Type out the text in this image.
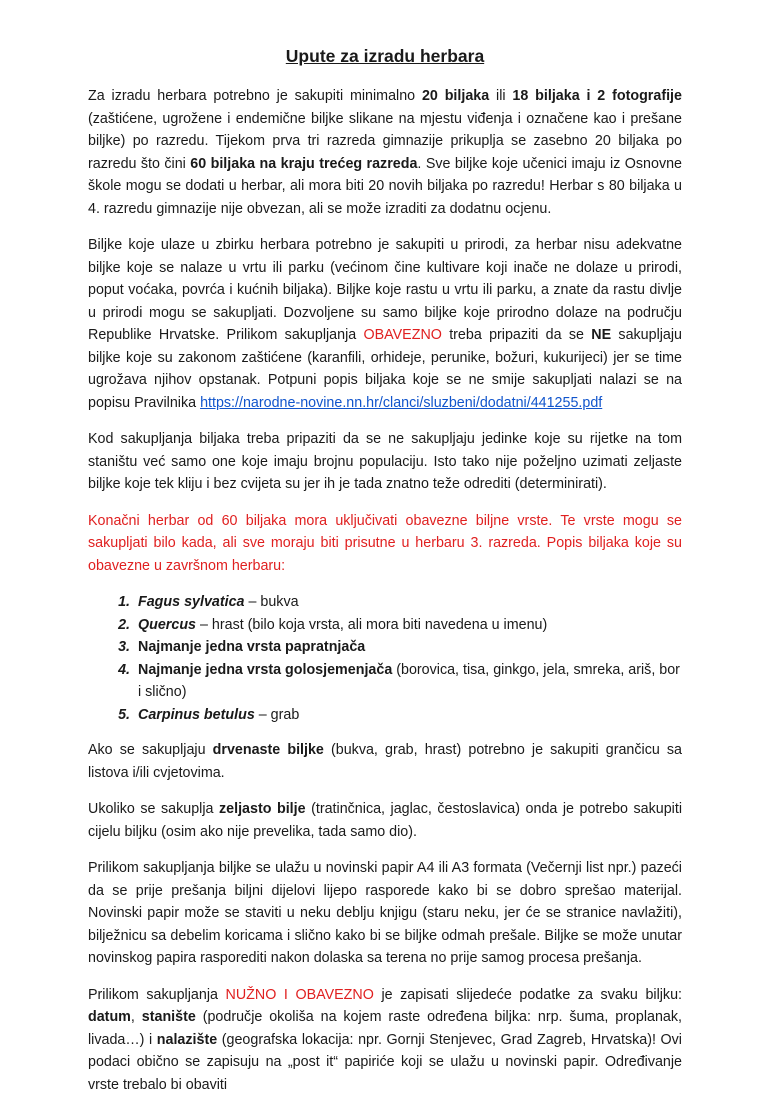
Upute za izradu herbara

Za izradu herbara potrebno je sakupiti minimalno 20 biljaka ili 18 biljaka i 2 fotografije (zaštićene, ugrožene i endemične biljke slikane na mjestu viđenja i označene kao i prešane biljke) po razredu. Tijekom prva tri razreda gimnazije prikuplja se zasebno 20 biljaka po razredu što čini 60 biljaka na kraju trećeg razreda. Sve biljke koje učenici imaju iz Osnovne škole mogu se dodati u herbar, ali mora biti 20 novih biljaka po razredu! Herbar s 80 biljaka u 4. razredu gimnazije nije obvezan, ali se može izraditi za dodatnu ocjenu.

Biljke koje ulaze u zbirku herbara potrebno je sakupiti u prirodi, za herbar nisu adekvatne biljke koje se nalaze u vrtu ili parku (većinom čine kultivare koji inače ne dolaze u prirodi, poput voćaka, povrća i kućnih biljaka). Biljke koje rastu u vrtu ili parku, a znate da rastu divlje u prirodi mogu se sakupljati. Dozvoljene su samo biljke koje prirodno dolaze na području Republike Hrvatske. Prilikom sakupljanja OBAVEZNO treba pripaziti da se NE sakupljaju biljke koje su zakonom zaštićene (karanfili, orhideje, perunike, božuri, kukurijeci) jer se time ugrožava njihov opstanak. Potpuni popis biljaka koje se ne smije sakupljati nalazi se na popisu Pravilnika https://narodne-novine.nn.hr/clanci/sluzbeni/dodatni/441255.pdf

Kod sakupljanja biljaka treba pripaziti da se ne sakupljaju jedinke koje su rijetke na tom staništu već samo one koje imaju brojnu populaciju. Isto tako nije poželjno uzimati zeljaste biljke koje tek kliju i bez cvijeta su jer ih je tada znatno teže odrediti (determinirati).

Konačni herbar od 60 biljaka mora uključivati obavezne biljne vrste. Te vrste mogu se sakupljati bilo kada, ali sve moraju biti prisutne u herbaru 3. razreda. Popis biljaka koje su obavezne u završnom herbaru:

1. Fagus sylvatica – bukva
2. Quercus – hrast (bilo koja vrsta, ali mora biti navedena u imenu)
3. Najmanje jedna vrsta papratnjača
4. Najmanje jedna vrsta golosjemenjača (borovica, tisa, ginkgo, jela, smreka, ariš, bor i slično)
5. Carpinus betulus – grab

Ako se sakupljaju drvenaste biljke (bukva, grab, hrast) potrebno je sakupiti grančicu sa listova i/ili cvjetovima.

Ukoliko se sakuplja zeljasto bilje (tratinčnica, jaglac, čestoslavica) onda je potrebo sakupiti cijelu biljku (osim ako nije prevelika, tada samo dio).

Prilikom sakupljanja biljke se ulažu u novinski papir A4 ili A3 formata (Večernji list npr.) pazeći da se prije prešanja biljni dijelovi lijepo rasporede kako bi se dobro sprešao materijal. Novinski papir može se staviti u neku deblju knjigu (staru neku, jer će se stranice navlažiti), bilježnicu sa debelim koricama i slično kako bi se biljke odmah prešale. Biljke se može unutar novinskog papira rasporediti nakon dolaska sa terena no prije samog procesa prešanja.

Prilikom sakupljanja NUŽNO I OBAVEZNO je zapisati slijedeće podatke za svaku biljku: datum, stanište (područje okoliša na kojem raste određena biljka: nrp. šuma, proplanak, livada…) i nalazište (geografska lokacija: npr. Gornji Stenjevec, Grad Zagreb, Hrvatska)! Ovi podaci obično se zapisuju na „post it“ papiriće koji se ulažu u novinski papir. Određivanje vrste trebalo bi obaviti
